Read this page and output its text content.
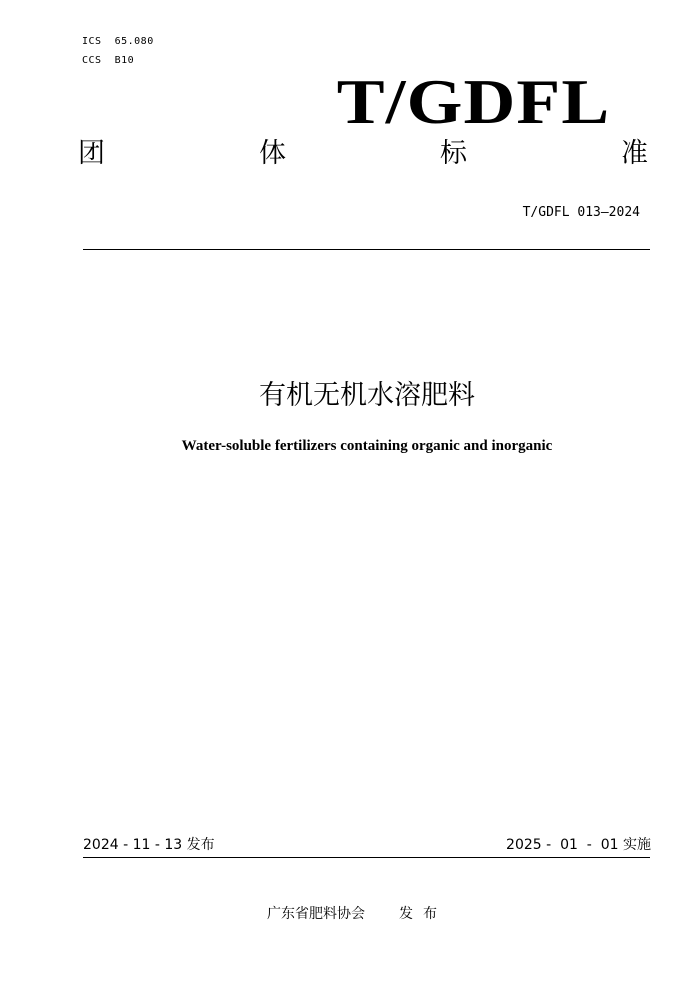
ICS  65.080
CCS  B10
T/GDFL
团	体	标	准
T/GDFL 013—2024
有机无机水溶肥料
Water-soluble fertilizers containing organic and inorganic
2024 - 11 - 13 发布	2025 -  01  -  01 实施
广东省肥料协会 发布
